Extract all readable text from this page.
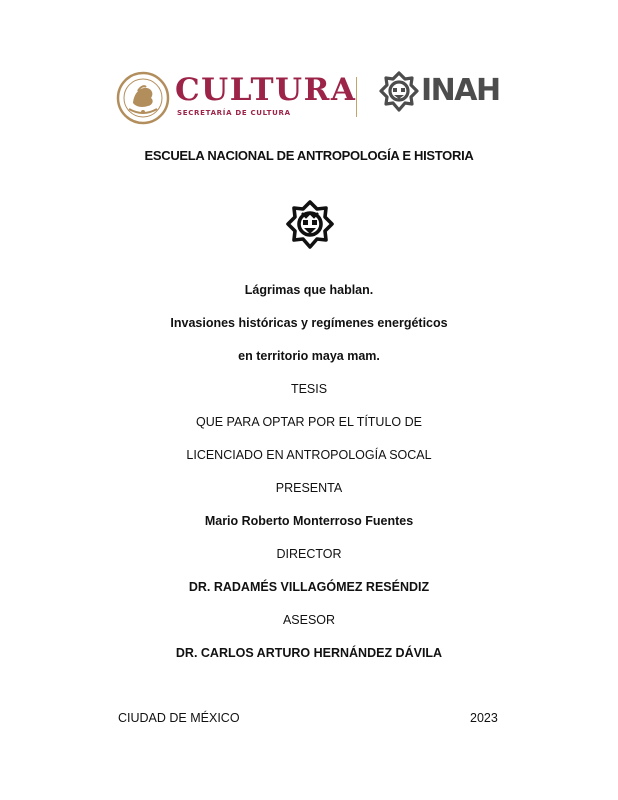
CULTURA
SECRETARÍA DE CULTURA
INAH
ESCUELA NACIONAL DE ANTROPOLOGÍA E HISTORIA
Lágrimas que hablan.
Invasiones históricas y regímenes energéticos
en territorio maya mam.
TESIS
QUE PARA OPTAR POR EL TÍTULO DE
LICENCIADO EN ANTROPOLOGÍA SOCAL
PRESENTA
Mario Roberto Monterroso Fuentes
DIRECTOR
DR. RADAMÉS VILLAGÓMEZ RESÉNDIZ
ASESOR
DR. CARLOS ARTURO HERNÁNDEZ DÁVILA
CIUDAD DE MÉXICO	2023
